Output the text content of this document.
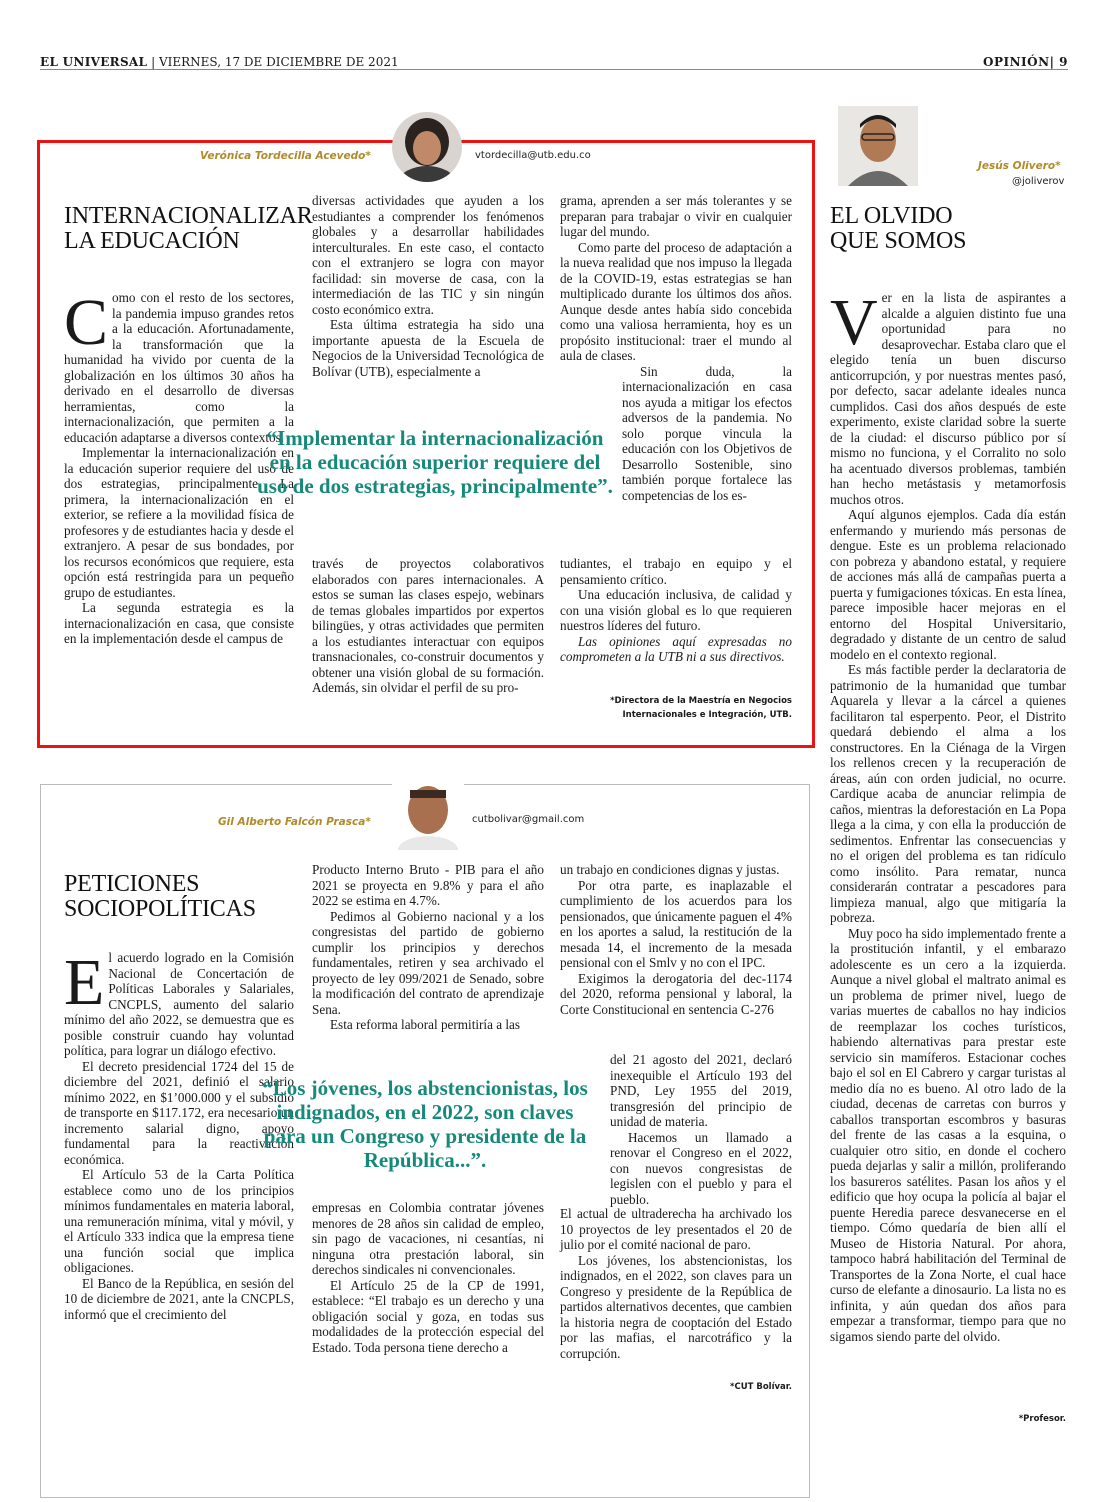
EL UNIVERSAL | VIERNES, 17 DE DICIEMBRE DE 2021	OPINIÓN| 9
Verónica Tordecilla Acevedo*	vtordecilla@utb.edu.co
INTERNACIONALIZAR
LA EDUCACIÓN
C omo con el resto de los sectores, la pandemia impuso grandes retos a la educación. Afortunadamente, la transformación que la humanidad ha vivido por cuenta de la globalización en los últimos 30 años ha derivado en el desarrollo de diversas herramientas, como la internacionalización, que permiten a la educación adaptarse a diversos contextos.

Implementar la internacionalización en la educación superior requiere del uso de dos estrategias, principalmente. La primera, la internacionalización en el exterior, se refiere a la movilidad física de profesores y de estudiantes hacia y desde el extranjero. A pesar de sus bondades, por los recursos económicos que requiere, esta opción está restringida para un pequeño grupo de estudiantes.

La segunda estrategia es la internacionalización en casa, que consiste en la implementación desde el campus de

diversas actividades que ayuden a los estudiantes a comprender los fenómenos globales y a desarrollar habilidades interculturales. En este caso, el contacto con el extranjero se logra con mayor facilidad: sin moverse de casa, con la intermediación de las TIC y sin ningún costo económico extra.

Esta última estrategia ha sido una importante apuesta de la Escuela de Negocios de la Universidad Tecnológica de Bolívar (UTB), especialmente a

“Implementar la internacionalización en la educación superior requiere del uso de dos estrategias, principalmente”.

través de proyectos colaborativos elaborados con pares internacionales. A estos se suman las clases espejo, webinars de temas globales impartidos por expertos bilingües, y otras actividades que permiten a los estudiantes interactuar con equipos transnacionales, co-construir documentos y obtener una visión global de su formación. Además, sin olvidar el perfil de su pro-

grama, aprenden a ser más tolerantes y se preparan para trabajar o vivir en cualquier lugar del mundo.

Como parte del proceso de adaptación a la nueva realidad que nos impuso la llegada de la COVID-19, estas estrategias se han multiplicado durante los últimos dos años. Aunque desde antes había sido concebida como una valiosa herramienta, hoy es un propósito institucional: traer el mundo al aula de clases.

Sin duda, la internacionalización en casa nos ayuda a mitigar los efectos adversos de la pandemia. No solo porque vincula la educación con los Objetivos de Desarrollo Sostenible, sino también porque fortalece las competencias de los es-

tudiantes, el trabajo en equipo y el pensamiento crítico.

Una educación inclusiva, de calidad y con una visión global es lo que requieren nuestros líderes del futuro.

Las opiniones aquí expresadas no comprometen a la UTB ni a sus directivos.

*Directora de la Maestría en Negocios
Internacionales e Integración, UTB.
Gil Alberto Falcón Prasca*	cutbolivar@gmail.com
PETICIONES
SOCIOPOLÍTICAS
E l acuerdo logrado en la Comisión Nacional de Concertación de Políticas Laborales y Salariales, CNCPLS, aumento del salario mínimo del año 2022, se demuestra que es posible construir cuando hay voluntad política, para lograr un diálogo efectivo.

El decreto presidencial 1724 del 15 de diciembre del 2021, definió el salario mínimo 2022, en $1’000.000 y el subsidio de transporte en $117.172, era necesario un incremento salarial digno, apoyo fundamental para la reactivación económica.

El Artículo 53 de la Carta Política establece como uno de los principios mínimos fundamentales en materia laboral, una remuneración mínima, vital y móvil, y el Artículo 333 indica que la empresa tiene una función social que implica obligaciones.

El Banco de la República, en sesión del 10 de diciembre de 2021, ante la CNCPLS, informó que el crecimiento del

Producto Interno Bruto - PIB para el año 2021 se proyecta en 9.8% y para el año 2022 se estima en 4.7%.

Pedimos al Gobierno nacional y a los congresistas del partido de gobierno cumplir los principios y derechos fundamentales, retiren y sea archivado el proyecto de ley 099/2021 de Senado, sobre la modificación del contrato de aprendizaje Sena.

Esta reforma laboral permitiría a las

“Los jóvenes, los abstencionistas, los indignados, en el 2022, son claves para un Congreso y presidente de la República...”.

empresas en Colombia contratar jóvenes menores de 28 años sin calidad de empleo, sin pago de vacaciones, ni cesantías, ni ninguna otra prestación laboral, sin derechos sindicales ni convencionales.

El Artículo 25 de la CP de 1991, establece: “El trabajo es un derecho y una obligación social y goza, en todas sus modalidades de la protección especial del Estado. Toda persona tiene derecho a

un trabajo en condiciones dignas y justas.

Por otra parte, es inaplazable el cumplimiento de los acuerdos para los pensionados, que únicamente paguen el 4% en los aportes a salud, la restitución de la mesada 14, el incremento de la mesada pensional con el Smlv y no con el IPC.

Exigimos la derogatoria del dec-1174 del 2020, reforma pensional y laboral, la Corte Constitucional en sentencia C-276

del 21 agosto del 2021, declaró inexequible el Artículo 193 del PND, Ley 1955 del 2019, transgresión del principio de unidad de materia.

Hacemos un llamado a renovar el Congreso en el 2022, con nuevos congresistas de legislen con el pueblo y para el pueblo.

El actual de ultraderecha ha archivado los 10 proyectos de ley presentados el 20 de julio por el comité nacional de paro.

Los jóvenes, los abstencionistas, los indignados, en el 2022, son claves para un Congreso y presidente de la República de partidos alternativos decentes, que cambien la historia negra de cooptación del Estado por las mafias, el narcotráfico y la corrupción.

*CUT Bolívar.
Jesús Olivero*
@joliverov
EL OLVIDO
QUE SOMOS
V er en la lista de aspirantes a alcalde a alguien distinto fue una oportunidad para no desaprovechar. Estaba claro que el elegido tenía un buen discurso anticorrupción, y por nuestras mentes pasó, por defecto, sacar adelante ideales nunca cumplidos. Casi dos años después de este experimento, existe claridad sobre la suerte de la ciudad: el discurso público por sí mismo no funciona, y el Corralito no solo ha acentuado diversos problemas, también han hecho metástasis y metamorfosis muchos otros.

Aquí algunos ejemplos. Cada día están enfermando y muriendo más personas de dengue. Este es un problema relacionado con pobreza y abandono estatal, y requiere de acciones más allá de campañas puerta a puerta y fumigaciones tóxicas. En esta línea, parece imposible hacer mejoras en el entorno del Hospital Universitario, degradado y distante de un centro de salud modelo en el contexto regional.

Es más factible perder la declaratoria de patrimonio de la humanidad que tumbar Aquarela y llevar a la cárcel a quienes facilitaron tal esperpento. Peor, el Distrito quedará debiendo el alma a los constructores. En la Ciénaga de la Virgen los rellenos crecen y la recuperación de áreas, aún con orden judicial, no ocurre. Cardique acaba de anunciar relimpia de caños, mientras la deforestación en La Popa llega a la cima, y con ella la producción de sedimentos. Enfrentar las consecuencias y no el origen del problema es tan ridículo como insólito. Para rematar, nunca considerarán contratar a pescadores para limpieza manual, algo que mitigaría la pobreza.

Muy poco ha sido implementado frente a la prostitución infantil, y el embarazo adolescente es un cero a la izquierda. Aunque a nivel global el maltrato animal es un problema de primer nivel, luego de varias muertes de caballos no hay indicios de reemplazar los coches turísticos, habiendo alternativas para prestar este servicio sin mamíferos. Estacionar coches bajo el sol en El Cabrero y cargar turistas al medio día no es bueno. Al otro lado de la ciudad, decenas de carretas con burros y caballos transportan escombros y basuras del frente de las casas a la esquina, o cualquier otro sitio, en donde el cochero pueda dejarlas y salir a millón, proliferando los basureros satélites. Pasan los años y el edificio que hoy ocupa la policía al bajar el puente Heredia parece desvanecerse en el tiempo. Cómo quedaría de bien allí el Museo de Historia Natural. Por ahora, tampoco habrá habilitación del Terminal de Transportes de la Zona Norte, el cual hace curso de elefante a dinosaurio. La lista no es infinita, y aún quedan dos años para empezar a transformar, tiempo para que no sigamos siendo parte del olvido.

*Profesor.
